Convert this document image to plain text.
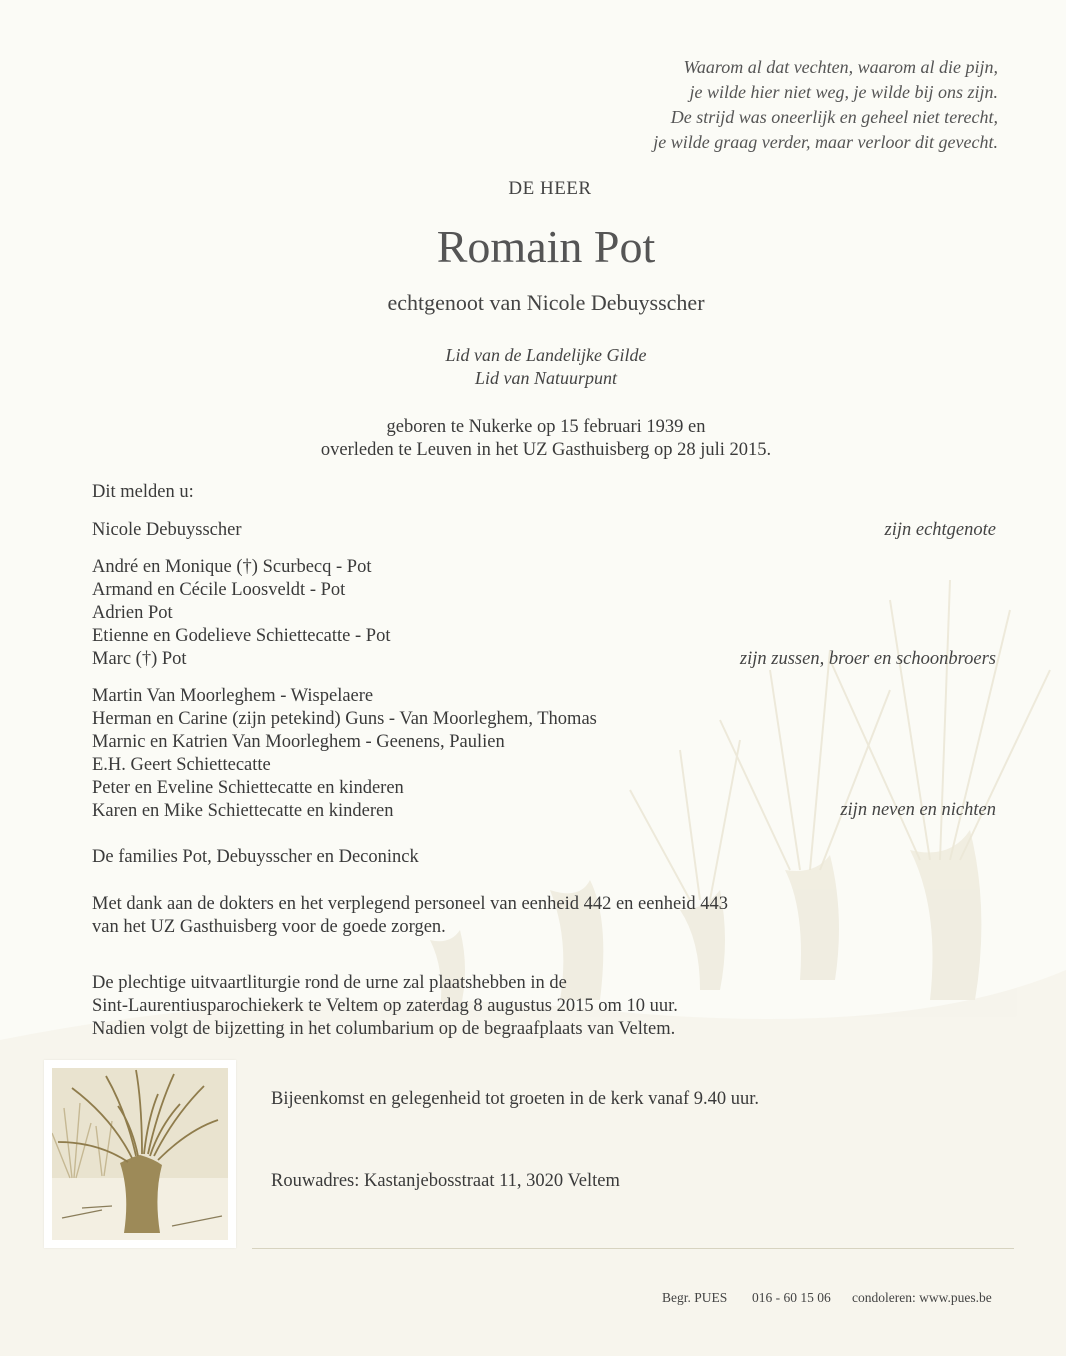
Waarom al dat vechten, waarom al die pijn,
je wilde hier niet weg, je wilde bij ons zijn.
De strijd was oneerlijk en geheel niet terecht,
je wilde graag verder, maar verloor dit gevecht.
DE HEER
Romain Pot
echtgenoot van Nicole Debuysscher
Lid van de Landelijke Gilde
Lid van Natuurpunt
geboren te Nukerke op 15 februari 1939 en
overleden te Leuven in het UZ Gasthuisberg op 28 juli 2015.
Dit melden u:
Nicole Debuysscher	zijn echtgenote
André en Monique (†) Scurbecq - Pot
Armand en Cécile Loosveldt - Pot
Adrien Pot
Etienne en Godelieve Schiettecatte - Pot
Marc (†) Pot	zijn zussen, broer en schoonbroers
Martin Van Moorleghem - Wispelaere
Herman en Carine (zijn petekind) Guns - Van Moorleghem, Thomas
Marnic en Katrien Van Moorleghem - Geenens, Paulien
E.H. Geert Schiettecatte
Peter en Eveline Schiettecatte en kinderen
Karen en Mike Schiettecatte en kinderen	zijn neven en nichten
De families Pot, Debuysscher en Deconinck
Met dank aan de dokters en het verplegend personeel van eenheid 442 en eenheid 443
van het UZ Gasthuisberg voor de goede zorgen.
De plechtige uitvaartliturgie rond de urne zal plaatshebben in de
Sint-Laurentiusparochiekerk te Veltem op zaterdag 8 augustus 2015 om 10 uur.
Nadien volgt de bijzetting in het columbarium op de begraafplaats van Veltem.
Bijeenkomst en gelegenheid tot groeten in de kerk vanaf 9.40 uur.
Rouwadres: Kastanjebosstraat 11, 3020 Veltem
Begr. PUES 016 - 60 15 06 condoleren: www.pues.be
